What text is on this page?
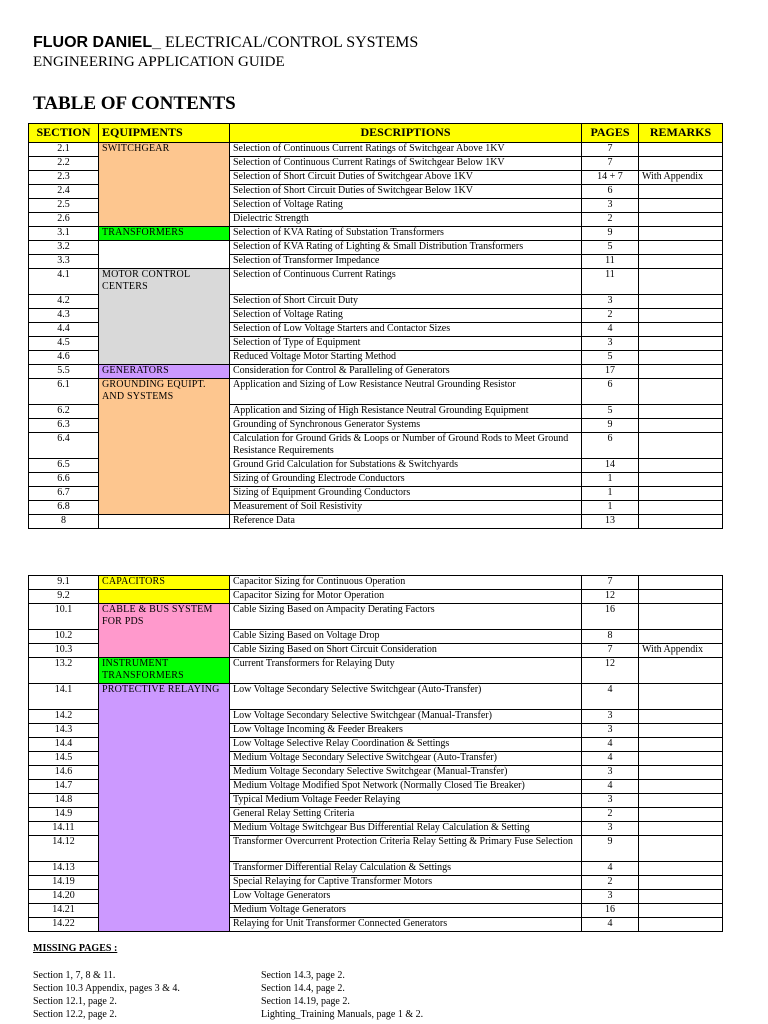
FLUOR DANIEL_ ELECTRICAL/CONTROL SYSTEMS
ENGINEERING APPLICATION GUIDE
TABLE OF CONTENTS
SECTION	EQUIPMENTS	DESCRIPTIONS	PAGES	REMARKS
2.1	SWITCHGEAR	Selection of Continuous Current Ratings of Switchgear Above 1KV	7	
2.2		Selection of Continuous Current Ratings of Switchgear Below 1KV	7	
2.3		Selection of Short Circuit Duties of Switchgear Above 1KV	14 + 7	With Appendix
2.4		Selection of Short Circuit Duties of Switchgear Below 1KV	6	
2.5		Selection of Voltage Rating	3	
2.6		Dielectric Strength	2	
3.1	TRANSFORMERS	Selection of KVA Rating of Substation Transformers	9	
3.2		Selection of KVA Rating of Lighting & Small Distribution Transformers	5	
3.3		Selection of Transformer Impedance	11	
4.1	MOTOR CONTROL CENTERS	Selection of Continuous Current Ratings	11	
4.2		Selection of Short Circuit Duty	3	
4.3		Selection of Voltage Rating	2	
4.4		Selection of Low Voltage Starters and Contactor Sizes	4	
4.5		Selection of Type of Equipment	3	
4.6		Reduced Voltage Motor Starting Method	5	
5.5	GENERATORS	Consideration for Control & Paralleling of Generators	17	
6.1	GROUNDING EQUIPT. AND SYSTEMS	Application and Sizing of Low Resistance Neutral Grounding Resistor	6	
6.2		Application and Sizing of High Resistance Neutral Grounding Equipment	5	
6.3		Grounding of Synchronous Generator Systems	9	
6.4		Calculation for Ground Grids & Loops or Number of Ground Rods to Meet Ground Resistance Requirements	6	
6.5		Ground Grid Calculation for Substations & Switchyards	14	
6.6		Sizing of Grounding Electrode Conductors	1	
6.7		Sizing of Equipment Grounding Conductors	1	
6.8		Measurement of Soil Resistivity	1	
8		Reference Data	13	
9.1	CAPACITORS	Capacitor Sizing for Continuous Operation	7	
9.2		Capacitor Sizing for Motor Operation	12	
10.1	CABLE & BUS SYSTEM FOR PDS	Cable Sizing Based on Ampacity Derating Factors	16	
10.2		Cable Sizing Based on Voltage Drop	8	
10.3		Cable Sizing Based on Short Circuit Consideration	7	With Appendix
13.2	INSTRUMENT TRANSFORMERS	Current Transformers for Relaying Duty	12	
14.1	PROTECTIVE RELAYING	Low Voltage Secondary Selective Switchgear (Auto-Transfer)	4	
14.2		Low Voltage Secondary Selective Switchgear (Manual-Transfer)	3	
14.3		Low Voltage Incoming & Feeder Breakers	3	
14.4		Low Voltage Selective Relay Coordination & Settings	4	
14.5		Medium Voltage Secondary Selective Switchgear (Auto-Transfer)	4	
14.6		Medium Voltage Secondary Selective Switchgear (Manual-Transfer)	3	
14.7		Medium Voltage Modified Spot Network (Normally Closed Tie Breaker)	4	
14.8		Typical Medium Voltage Feeder Relaying	3	
14.9		General Relay Setting Criteria	2	
14.11		Medium Voltage Switchgear Bus Differential Relay Calculation & Setting	3	
14.12		Transformer Overcurrent Protection Criteria Relay Setting & Primary Fuse Selection	9	
14.13		Transformer Differential Relay Calculation & Settings	4	
14.19		Special Relaying for Captive Transformer Motors	2	
14.20		Low Voltage Generators	3	
14.21		Medium Voltage Generators	16	
14.22		Relaying for Unit Transformer Connected Generators	4	
MISSING PAGES :
Section 1, 7, 8 & 11.
Section 10.3 Appendix, pages 3 & 4.
Section 12.1, page 2.
Section 12.2, page 2.
Section 14.3, page 2.
Section 14.4, page 2.
Section 14.19, page 2.
Lighting_Training Manuals, page 1 & 2.
